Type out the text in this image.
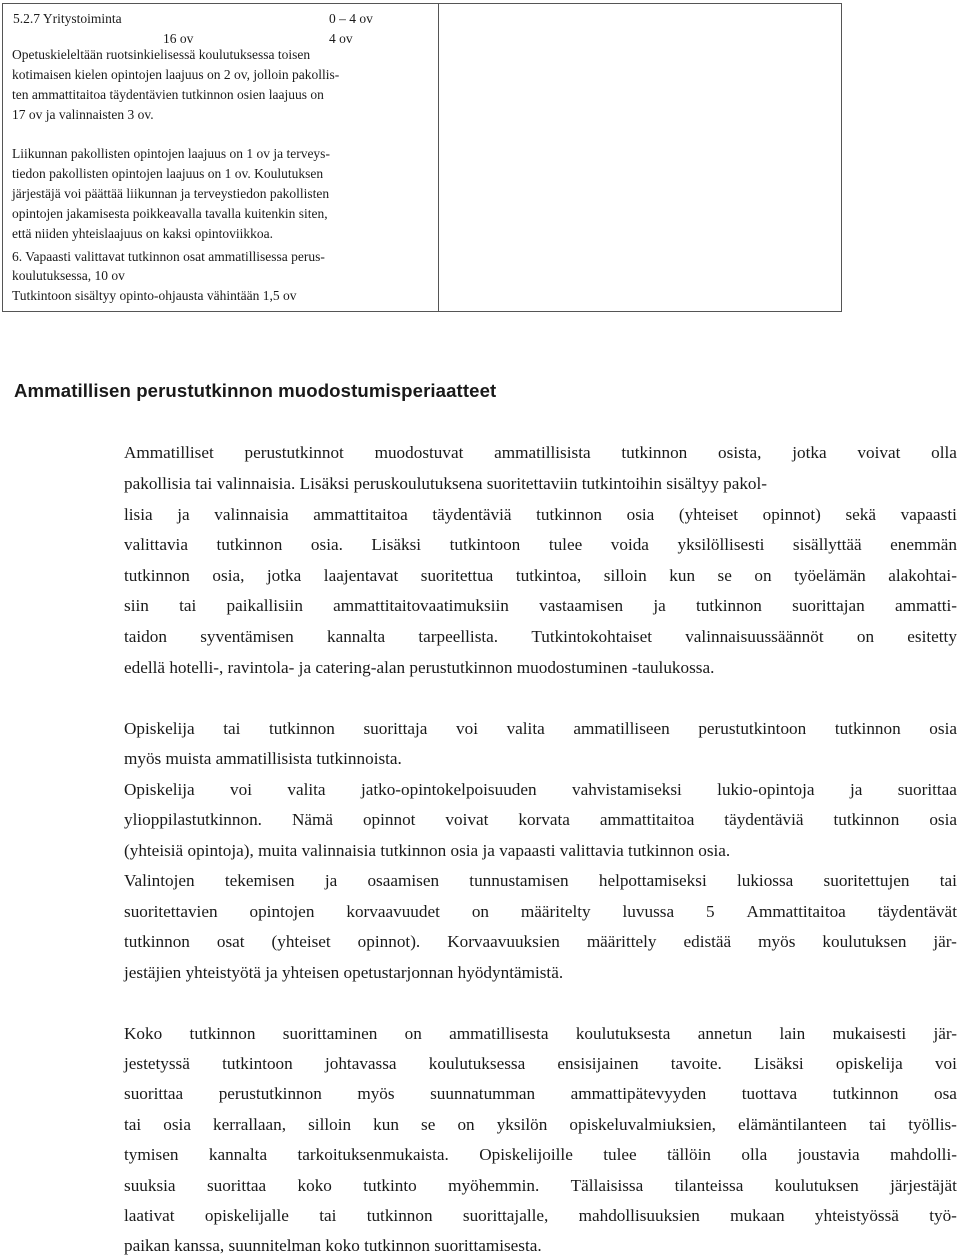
5.2.7 Yritystoiminta	0 – 4 ov
16 ov	4 ov
Opetuskieleltään ruotsinkielisessä koulutuksessa toisen
kotimaisen kielen opintojen laajuus on 2 ov, jolloin pakollis-
ten ammattitaitoa täydentävien tutkinnon osien laajuus on
17 ov ja valinnaisten 3 ov.
Liikunnan pakollisten opintojen laajuus on 1 ov ja terveys-
tiedon pakollisten opintojen laajuus on 1 ov. Koulutuksen
järjestäjä voi päättää liikunnan ja terveystiedon pakollisten
opintojen jakamisesta poikkeavalla tavalla kuitenkin siten,
että niiden yhteislaajuus on kaksi opintoviikkoa.
6. Vapaasti valittavat tutkinnon osat ammatillisessa perus-
koulutuksessa, 10 ov
Tutkintoon sisältyy opinto-ohjausta vähintään 1,5 ov
Ammatillisen perustutkinnon muodostumisperiaatteet
Ammatilliset perustutkinnot muodostuvat ammatillisista tutkinnon osista, jotka voivat olla
pakollisia tai valinnaisia. Lisäksi peruskoulutuksena suoritettaviin tutkintoihin sisältyy pakol-
lisia ja valinnaisia ammattitaitoa täydentäviä tutkinnon osia (yhteiset opinnot) sekä vapaasti
valittavia tutkinnon osia. Lisäksi tutkintoon tulee voida yksilöllisesti sisällyttää enemmän
tutkinnon osia, jotka laajentavat suoritettua tutkintoa, silloin kun se on työelämän alakohtai-
siin tai paikallisiin ammattitaitovaatimuksiin vastaamisen ja tutkinnon suorittajan ammatti-
taidon syventämisen kannalta tarpeellista. Tutkintokohtaiset valinnaisuussäännöt on esitetty
edellä hotelli-, ravintola- ja catering-alan perustutkinnon muodostuminen -taulukossa.
Opiskelija tai tutkinnon suorittaja voi valita ammatilliseen perustutkintoon tutkinnon osia
myös muista ammatillisista tutkinnoista.
Opiskelija voi valita jatko-opintokelpoisuuden vahvistamiseksi lukio-opintoja ja suorittaa
ylioppilastutkinnon. Nämä opinnot voivat korvata ammattitaitoa täydentäviä tutkinnon osia
(yhteisiä opintoja), muita valinnaisia tutkinnon osia ja vapaasti valittavia tutkinnon osia.
Valintojen tekemisen ja osaamisen tunnustamisen helpottamiseksi lukiossa suoritettujen tai
suoritettavien opintojen korvaavuudet on määritelty luvussa 5 Ammattitaitoa täydentävät
tutkinnon osat (yhteiset opinnot). Korvaavuuksien määrittely edistää myös koulutuksen jär-
jestäjien yhteistyötä ja yhteisen opetustarjonnan hyödyntämistä.
Koko tutkinnon suorittaminen on ammatillisesta koulutuksesta annetun lain mukaisesti jär-
jestetyssä tutkintoon johtavassa koulutuksessa ensisijainen tavoite. Lisäksi opiskelija voi
suorittaa perustutkinnon myös suunnatumman ammattipätevyyden tuottava tutkinnon osa
tai osia kerrallaan, silloin kun se on yksilön opiskeluvalmiuksien, elämäntilanteen tai työllis-
tymisen kannalta tarkoituksenmukaista. Opiskelijoille tulee tällöin olla joustavia mahdolli-
suuksia suorittaa koko tutkinto myöhemmin. Tällaisissa tilanteissa koulutuksen järjestäjät
laativat opiskelijalle tai tutkinnon suorittajalle, mahdollisuuksien mukaan yhteistyössä työ-
paikan kanssa, suunnitelman koko tutkinnon suorittamisesta.
